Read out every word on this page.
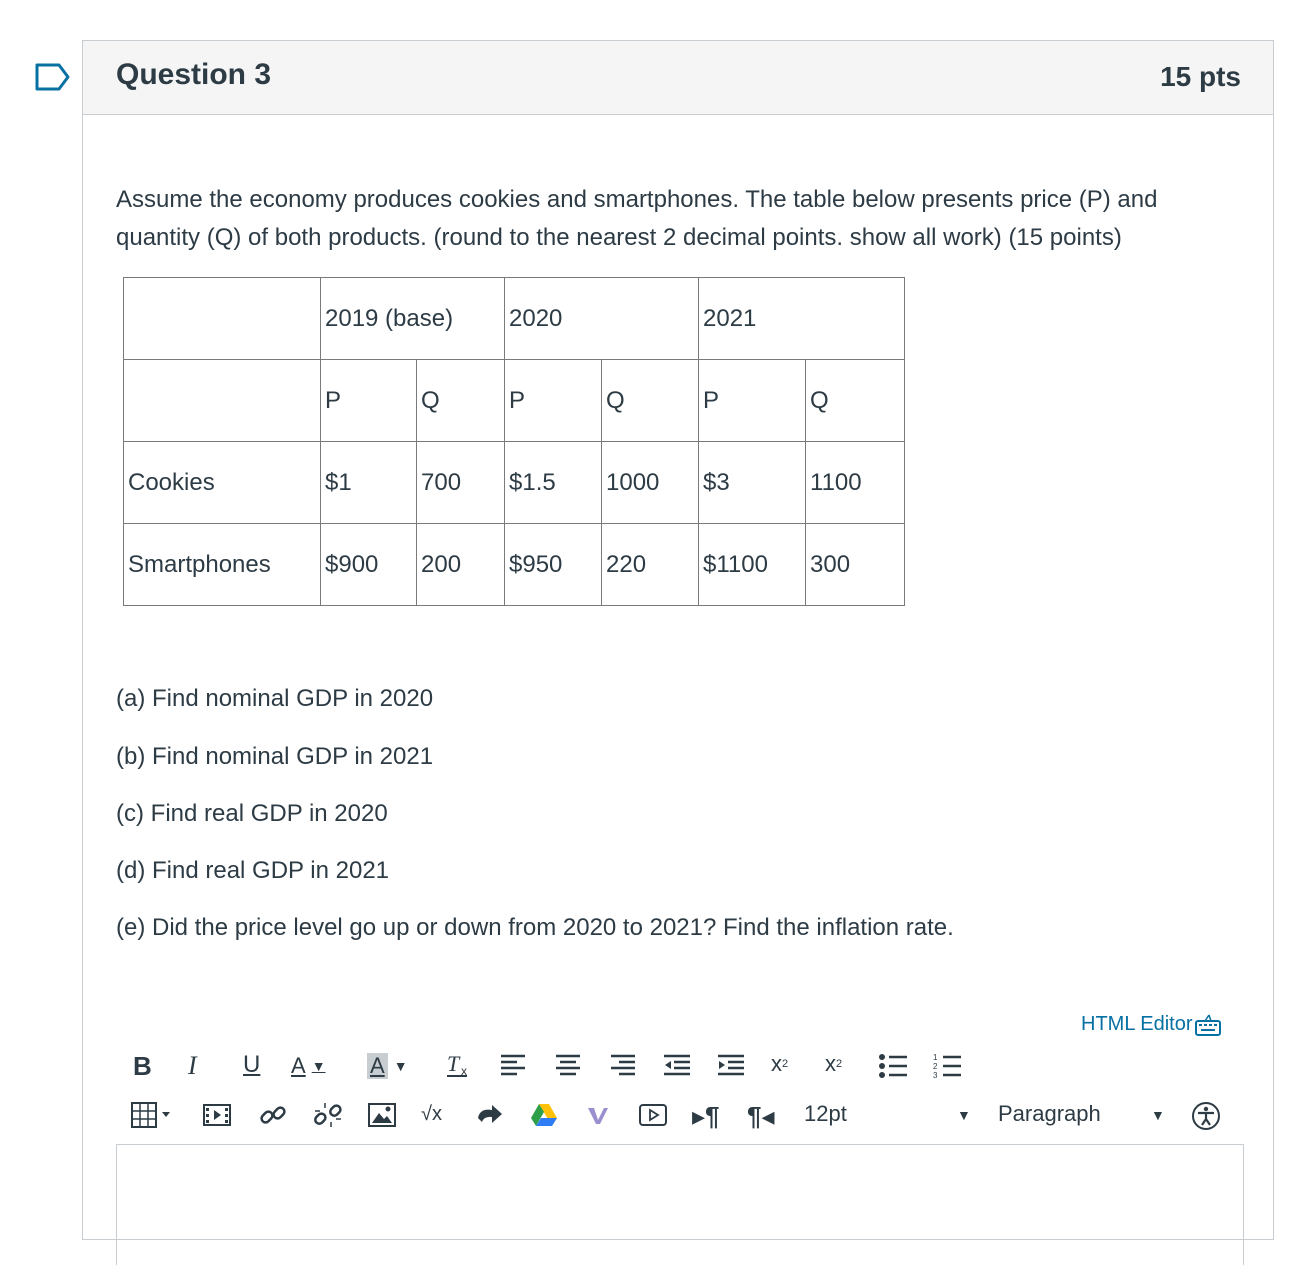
Question 3	15 pts
Assume the economy produces cookies and smartphones. The table below presents price (P) and quantity (Q) of both products. (round to the nearest 2 decimal points. show all work) (15 points)
	2019 (base)		2020		2021	
	P	Q	P	Q	P	Q
Cookies	$1	700	$1.5	1000	$3	1100
Smartphones	$900	200	$950	220	$1100	300
(a) Find nominal GDP in 2020
(b) Find nominal GDP in 2021
(c) Find real GDP in 2020
(d) Find real GDP in 2021
(e) Did the price level go up or down from 2020 to 2021? Find the inflation rate.
HTML Editor
B I U A ▼ A ▼ T x	x 2 x 2
1
2
3
√x	▸¶ ¶◂ 12pt	▼ Paragraph	▼
